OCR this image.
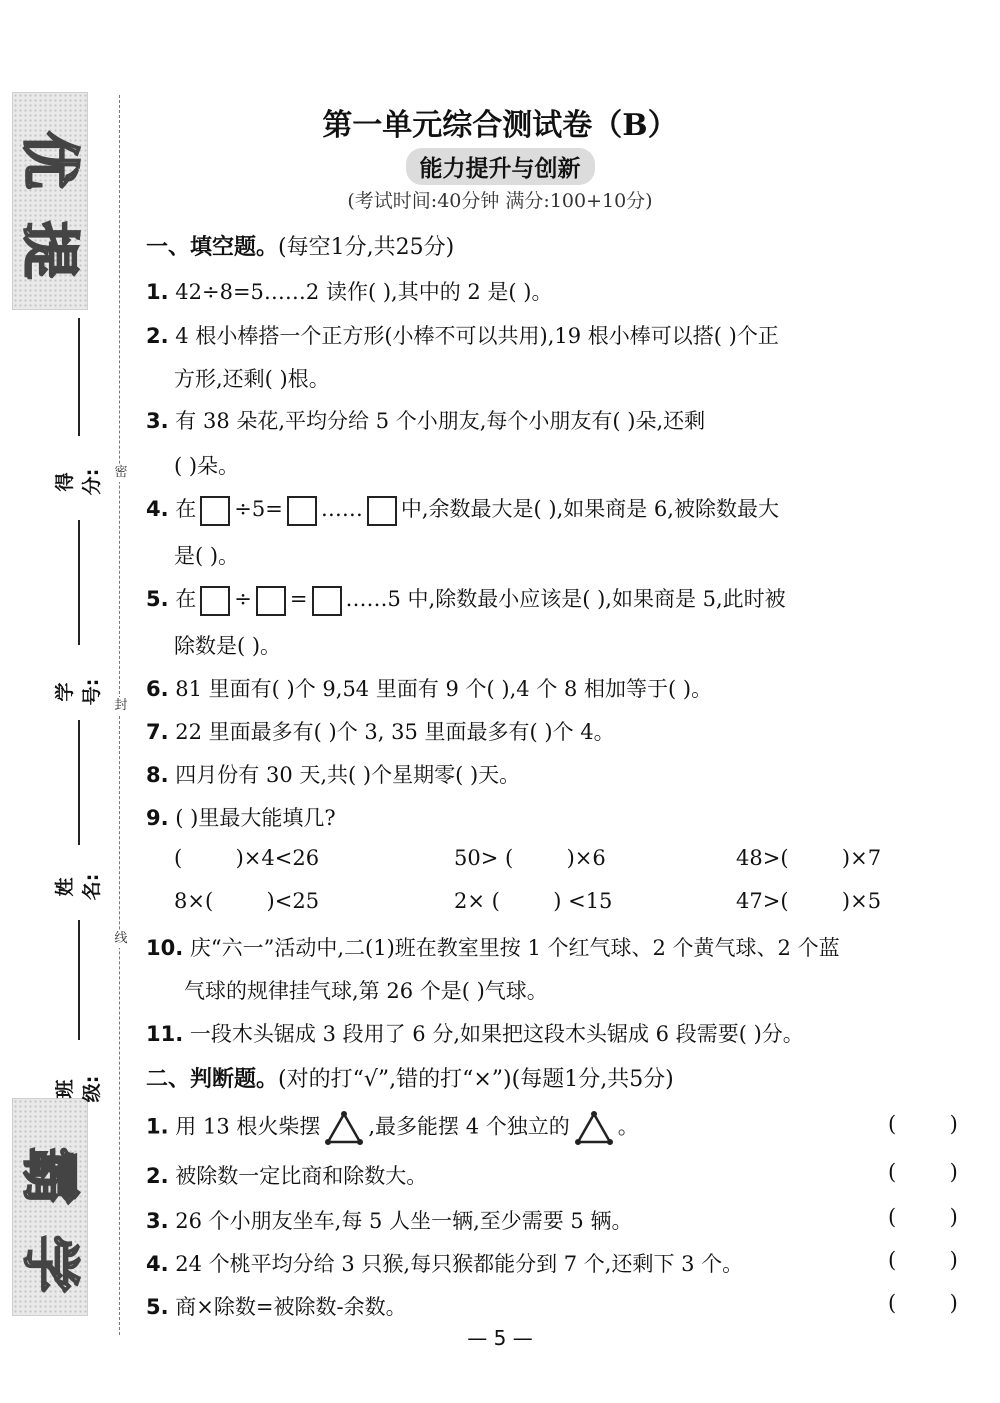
提
优
学
霸
得分:
学号:
姓名:
班级:
密
封
线
第一单元综合测试卷（B）
能力提升与创新
(考试时间:40分钟 满分:100+10分)
一、填空题。(每空1分,共25分)
1. 42÷8=5……2 读作( ),其中的 2 是( )。
2. 4 根小棒搭一个正方形(小棒不可以共用),19 根小棒可以搭( )个正
方形,还剩( )根。
3. 有 38 朵花,平均分给 5 个小朋友,每个小朋友有( )朵,还剩
( )朵。
4. 在 ÷5= …… 中,余数最大是( ),如果商是 6,被除数最大
是( )。
5. 在 ÷ = ……5 中,除数最小应该是( ),如果商是 5,此时被
除数是( )。
6. 81 里面有( )个 9,54 里面有 9 个( ),4 个 8 相加等于( )。
7. 22 里面最多有( )个 3, 35 里面最多有( )个 4。
8. 四月份有 30 天,共( )个星期零( )天。
9. ( )里最大能填几?
(        )×4<26	50> (        )×6	48>(        )×7
8×(        )<25	2× (        ) <15	47>(        )×5
10. 庆“六一”活动中,二(1)班在教室里按 1 个红气球、2 个黄气球、2 个蓝
气球的规律挂气球,第 26 个是( )气球。
11. 一段木头锯成 3 段用了 6 分,如果把这段木头锯成 6 段需要( )分。
二、判断题。(对的打“√”,错的打“×”)(每题1分,共5分)
1. 用 13 根火柴摆 ,最多能摆 4 个独立的 。	(        )
2. 被除数一定比商和除数大。	(        )
3. 26 个小朋友坐车,每 5 人坐一辆,至少需要 5 辆。	(        )
4. 24 个桃平均分给 3 只猴,每只猴都能分到 7 个,还剩下 3 个。	(        )
5. 商×除数=被除数-余数。	(        )
— 5 —
